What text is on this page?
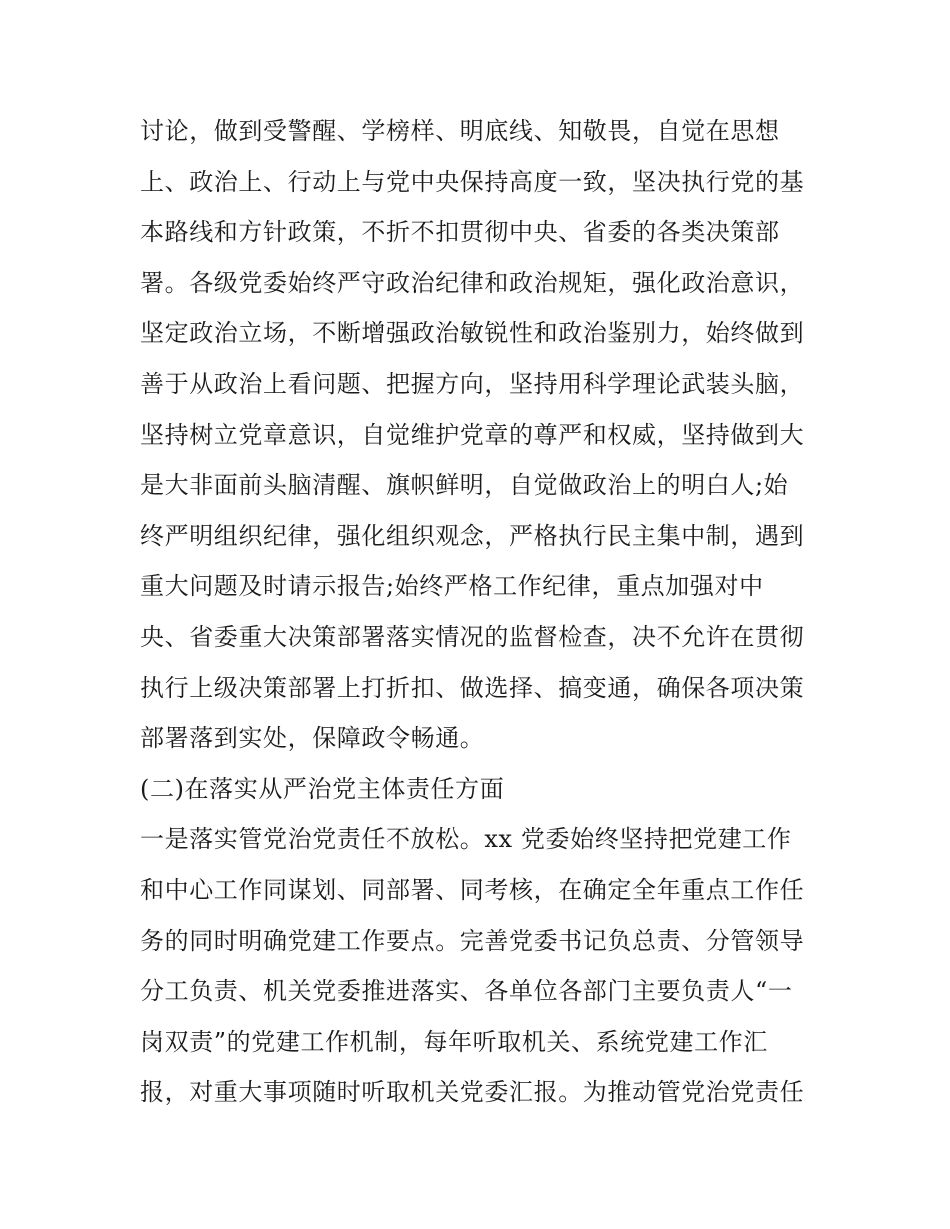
讨论，做到受警醒、学榜样、明底线、知敬畏，自觉在思想
上、政治上、行动上与党中央保持高度一致，坚决执行党的基
本路线和方针政策，不折不扣贯彻中央、省委的各类决策部
署。各级党委始终严守政治纪律和政治规矩，强化政治意识，
坚定政治立场，不断增强政治敏锐性和政治鉴别力，始终做到
善于从政治上看问题、把握方向，坚持用科学理论武装头脑，
坚持树立党章意识，自觉维护党章的尊严和权威，坚持做到大
是大非面前头脑清醒、旗帜鲜明，自觉做政治上的明白人;始
终严明组织纪律，强化组织观念，严格执行民主集中制，遇到
重大问题及时请示报告;始终严格工作纪律，重点加强对中
央、省委重大决策部署落实情况的监督检查，决不允许在贯彻
执行上级决策部署上打折扣、做选择、搞变通，确保各项决策
部署落到实处，保障政令畅通。
(二)在落实从严治党主体责任方面
一是落实管党治党责任不放松。xx 党委始终坚持把党建工作
和中心工作同谋划、同部署、同考核，在确定全年重点工作任
务的同时明确党建工作要点。完善党委书记负总责、分管领导
分工负责、机关党委推进落实、各单位各部门主要负责人“一
岗双责”的党建工作机制，每年听取机关、系统党建工作汇
报，对重大事项随时听取机关党委汇报。为推动管党治党责任
